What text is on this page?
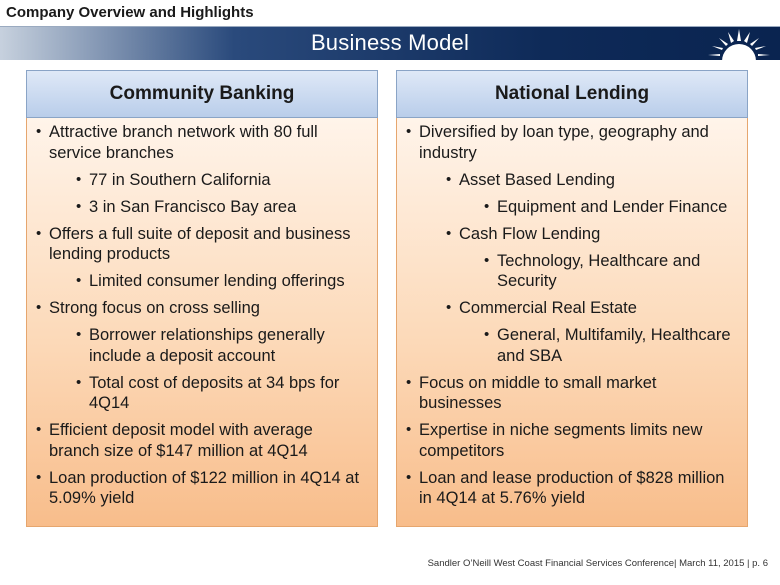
Company Overview and Highlights
Business Model
Community Banking
• Attractive branch network with 80 full service branches
• 77 in Southern California
• 3 in San Francisco Bay area
• Offers a full suite of deposit and business lending products
• Limited consumer lending offerings
• Strong focus on cross selling
• Borrower relationships generally include a deposit account
• Total cost of deposits at 34 bps for 4Q14
• Efficient deposit model with average branch size of $147 million at 4Q14
• Loan production of $122 million in 4Q14 at 5.09% yield
National Lending
• Diversified by loan type, geography and industry
• Asset Based Lending
• Equipment and Lender Finance
• Cash Flow Lending
• Technology, Healthcare and Security
• Commercial Real Estate
• General, Multifamily, Healthcare and SBA
• Focus on middle to small market businesses
• Expertise in niche segments limits new competitors
• Loan and lease production of $828 million in 4Q14 at 5.76% yield
Sandler O’Neill West Coast Financial Services Conference| March 11, 2015 | p. 6
